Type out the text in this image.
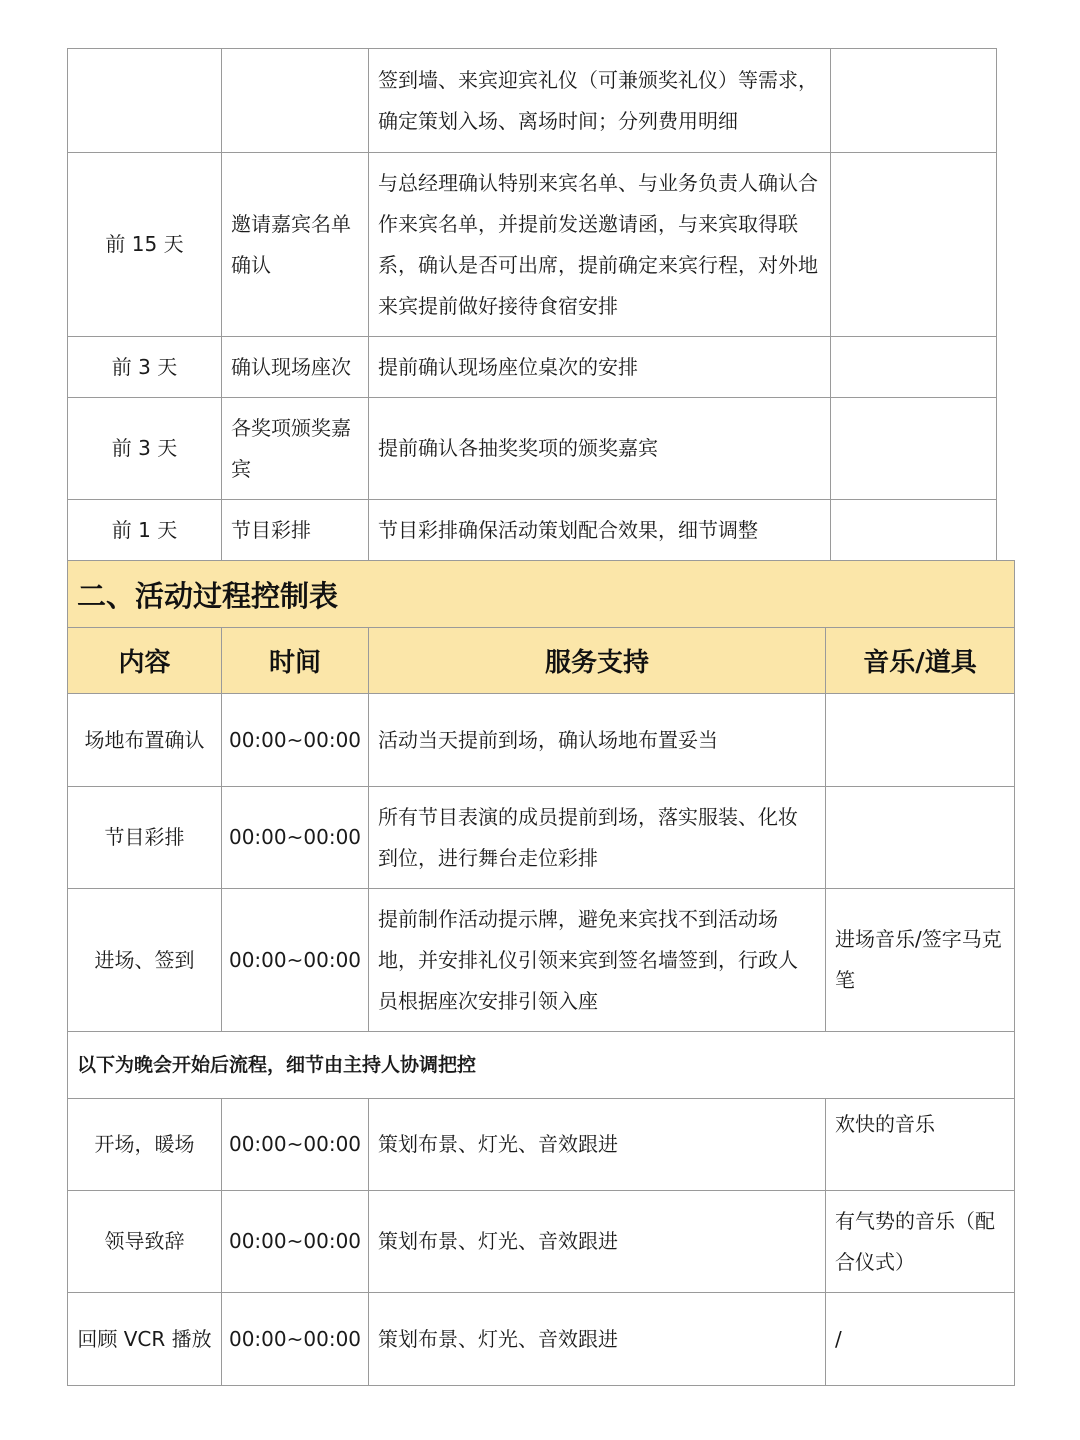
		签到墙、来宾迎宾礼仪（可兼颁奖礼仪）等需求，确定策划入场、离场时间；分列费用明细	
前 15 天	邀请嘉宾名单确认	与总经理确认特别来宾名单、与业务负责人确认合作来宾名单，并提前发送邀请函，与来宾取得联系，确认是否可出席，提前确定来宾行程，对外地来宾提前做好接待食宿安排	
前 3 天	确认现场座次	提前确认现场座位桌次的安排	
前 3 天	各奖项颁奖嘉宾	提前确认各抽奖奖项的颁奖嘉宾	
前 1 天	节目彩排	节目彩排确保活动策划配合效果，细节调整	
二、活动过程控制表			
内容	时间	服务支持	音乐/道具
场地布置确认	00:00~00:00	活动当天提前到场，确认场地布置妥当	
节目彩排	00:00~00:00	所有节目表演的成员提前到场，落实服装、化妆到位，进行舞台走位彩排	
进场、签到	00:00~00:00	提前制作活动提示牌，避免来宾找不到活动场地，并安排礼仪引领来宾到签名墙签到，行政人员根据座次安排引领入座	进场音乐/签字马克笔
以下为晚会开始后流程，细节由主持人协调把控			
开场，暖场	00:00~00:00	策划布景、灯光、音效跟进	欢快的音乐
领导致辞	00:00~00:00	策划布景、灯光、音效跟进	有气势的音乐（配合仪式）
回顾 VCR 播放	00:00~00:00	策划布景、灯光、音效跟进	/
